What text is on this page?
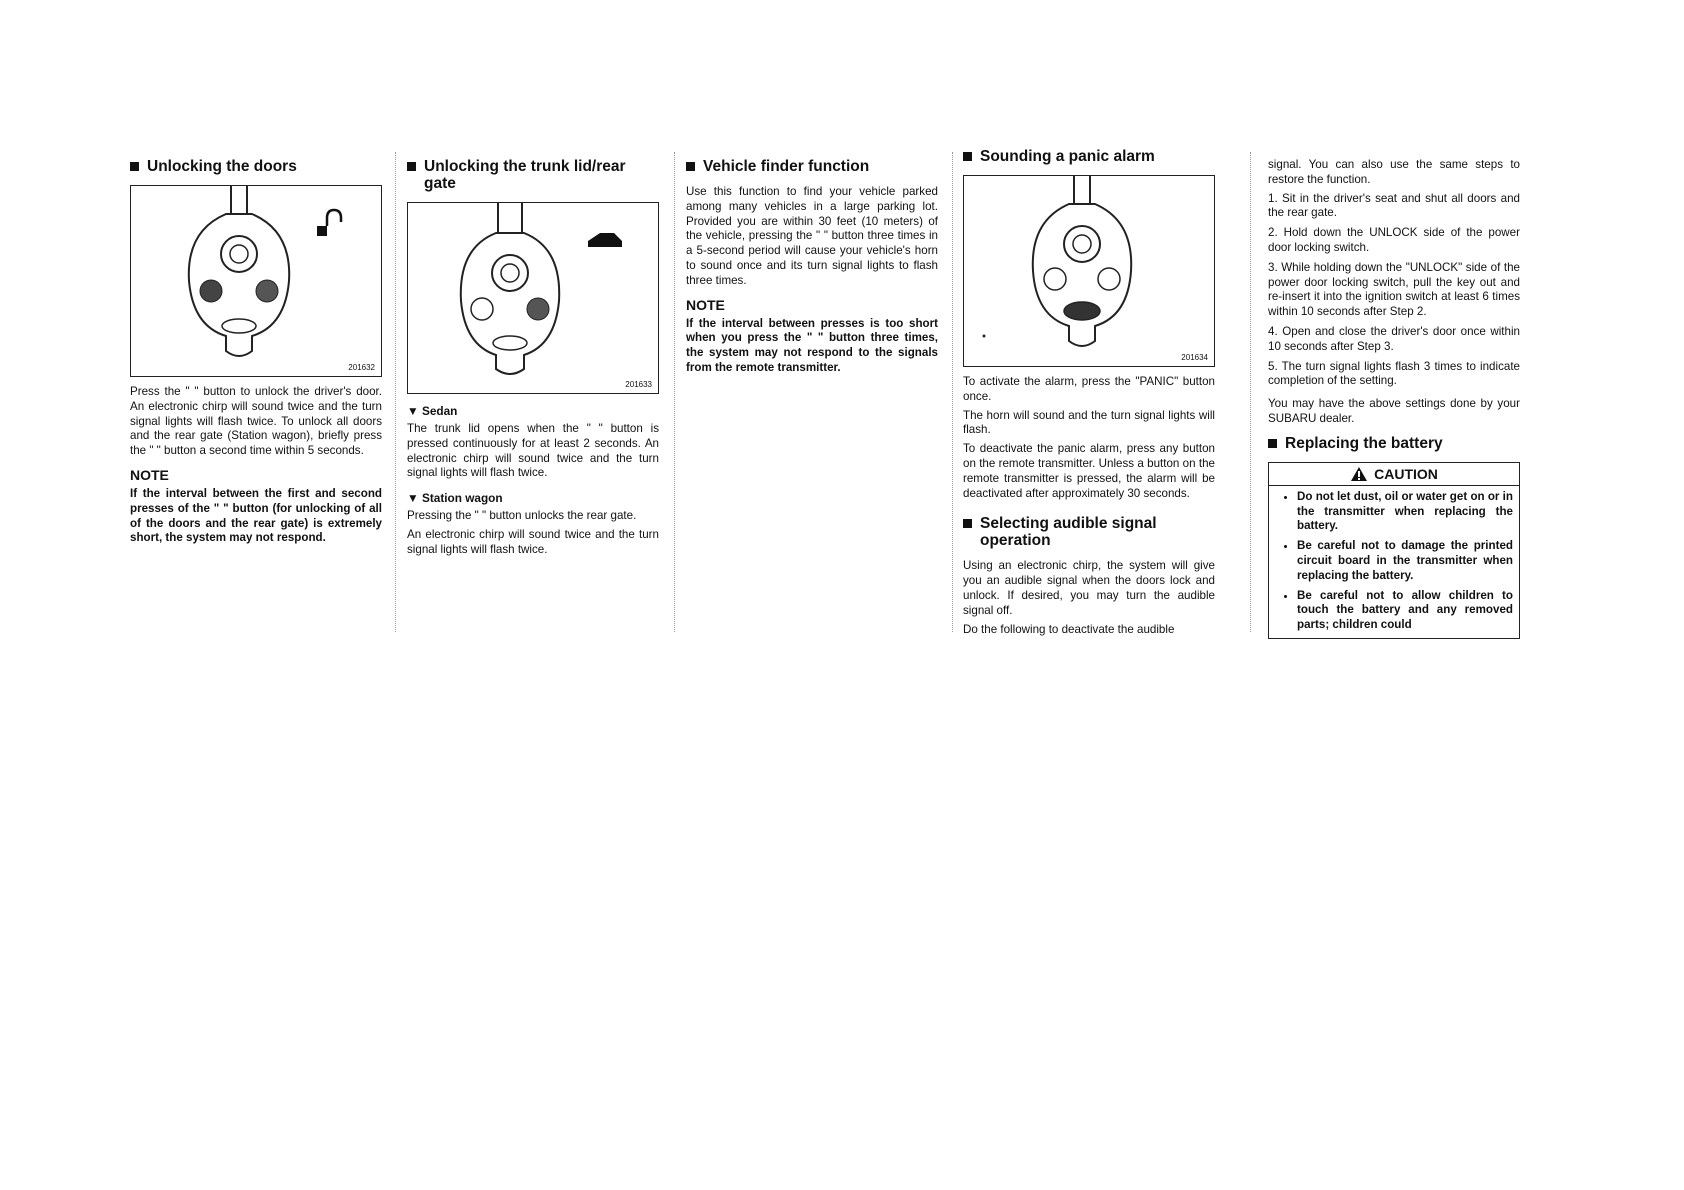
Unlocking the doors
201632

Press the " " button to unlock the driver's door. An electronic chirp will sound twice and the turn signal lights will flash twice. To unlock all doors and the rear gate (Station wagon), briefly press the " " button a second time within 5 seconds.

NOTE

If the interval between the first and second presses of the " " button (for unlocking of all of the doors and the rear gate) is extremely short, the system may not respond.

Unlocking the trunk lid/rear gate
201633
▼ Sedan

The trunk lid opens when the " " button is pressed continuously for at least 2 seconds. An electronic chirp will sound twice and the turn signal lights will flash twice.

▼ Station wagon

Pressing the " " button unlocks the rear gate.

An electronic chirp will sound twice and the turn signal lights will flash twice.

Vehicle finder function

Use this function to find your vehicle parked among many vehicles in a large parking lot. Provided you are within 30 feet (10 meters) of the vehicle, pressing the " " button three times in a 5-second period will cause your vehicle's horn to sound once and its turn signal lights to flash three times.

NOTE

If the interval between presses is too short when you press the " " button three times, the system may not respond to the signals from the remote transmitter.

Sounding a panic alarm
201634

To activate the alarm, press the "PANIC" button once.

The horn will sound and the turn signal lights will flash.

To deactivate the panic alarm, press any button on the remote transmitter. Unless a button on the remote transmitter is pressed, the alarm will be deactivated after approximately 30 seconds.

Selecting audible signal operation

Using an electronic chirp, the system will give you an audible signal when the doors lock and unlock. If desired, you may turn the audible signal off.

Do the following to deactivate the audible

signal. You can also use the same steps to restore the function.

1. Sit in the driver's seat and shut all doors and the rear gate.

2. Hold down the UNLOCK side of the power door locking switch.

3. While holding down the "UNLOCK" side of the power door locking switch, pull the key out and re-insert it into the ignition switch at least 6 times within 10 seconds after Step 2.

4. Open and close the driver's door once within 10 seconds after Step 3.

5. The turn signal lights flash 3 times to indicate completion of the setting.

You may have the above settings done by your SUBARU dealer.

Replacing the battery
CAUTION
• Do not let dust, oil or water get on or in the transmitter when replacing the battery.
• Be careful not to damage the printed circuit board in the transmitter when replacing the battery.
• Be careful not to allow children to touch the battery and any removed parts; children could
